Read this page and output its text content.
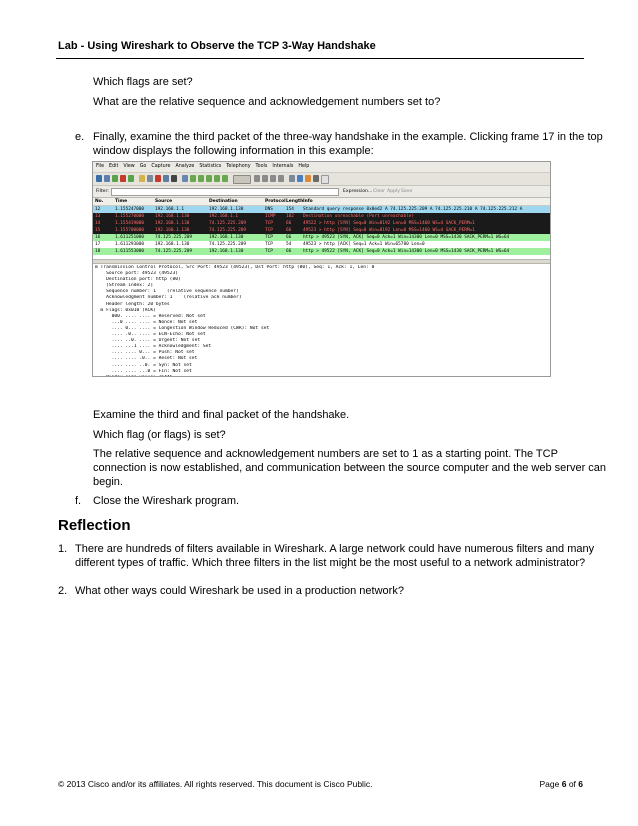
Lab - Using Wireshark to Observe the TCP 3-Way Handshake
Which flags are set?
What are the relative sequence and acknowledgement numbers set to?
e. Finally, examine the third packet of the three-way handshake in the example. Clicking frame 17 in the top
window displays the following information in this example:
File Edit View Go Capture Analyze Statistics Telephony Tools Internals Help
Filter:	Expression... Clear Apply Save
No.	Time	Source	Destination	Protocol Length Info
12	1.155247000 192.168.1.1	192.168.1.130	DNS	154 Standard query response 0x0ed2 A 74.125.225.209 A 74.125.225.210 A 74.125.225.212 A
13	1.155270000 192.168.1.130	192.168.1.1	ICMP 182 Destination unreachable (Port unreachable)
14	1.155419000 192.168.1.130	74.125.225.209	TCP	66	49522 > http [SYN] Seq=0 Win=8192 Len=0 MSS=1460 WS=4 SACK_PERM=1
15	1.155700000 192.168.1.130	74.125.225.209	TCP	66	49523 > http [SYN] Seq=0 Win=8192 Len=0 MSS=1460 WS=4 SACK_PERM=1
16	1.611251000 74.125.225.209	192.168.1.130	TCP	66	http > 49523 [SYN, ACK] Seq=0 Ack=1 Win=14300 Len=0 MSS=1430 SACK_PERM=1 WS=64
17	1.611293000 192.168.1.130	74.125.225.209	TCP	54	49523 > http [ACK] Seq=1 Ack=1 Win=65780 Len=0
18	1.611553000 74.125.225.209	192.168.1.130	TCP	66	http > 49522 [SYN, ACK] Seq=0 Ack=1 Win=14300 Len=0 MSS=1430 SACK_PERM=1 WS=64
⊟ Transmission Control Protocol, Src Port: 49523 (49523), Dst Port: http (80), Seq: 1, Ack: 1, Len: 0
Source port: 49523 (49523)
Destination port: http (80)
[Stream index: 2]
Sequence number: 1    (relative sequence number)
Acknowledgment number: 1    (relative ack number)
Header length: 20 bytes
⊟ Flags: 0x010 (ACK)
000. .... .... = Reserved: Not set
...0 .... .... = Nonce: Not set
.... 0... .... = Congestion Window Reduced (CWR): Not set
.... .0.. .... = ECN-Echo: Not set
.... ..0. .... = Urgent: Not set
.... ...1 .... = Acknowledgment: Set
.... .... 0... = Push: Not set
.... .... .0.. = Reset: Not set
.... .... ..0. = Syn: Not set
.... .... ...0 = Fin: Not set
Examine the third and final packet of the handshake.
Which flag (or flags) is set?
The relative sequence and acknowledgement numbers are set to 1 as a starting point. The TCP
connection is now established, and communication between the source computer and the web server can
begin.
f. Close the Wireshark program.
Reflection
1. There are hundreds of filters available in Wireshark. A large network could have numerous filters and many
different types of traffic. Which three filters in the list might be the most useful to a network administrator?
2. What other ways could Wireshark be used in a production network?
© 2013 Cisco and/or its affiliates. All rights reserved. This document is Cisco Public.	Page 6 of 6
